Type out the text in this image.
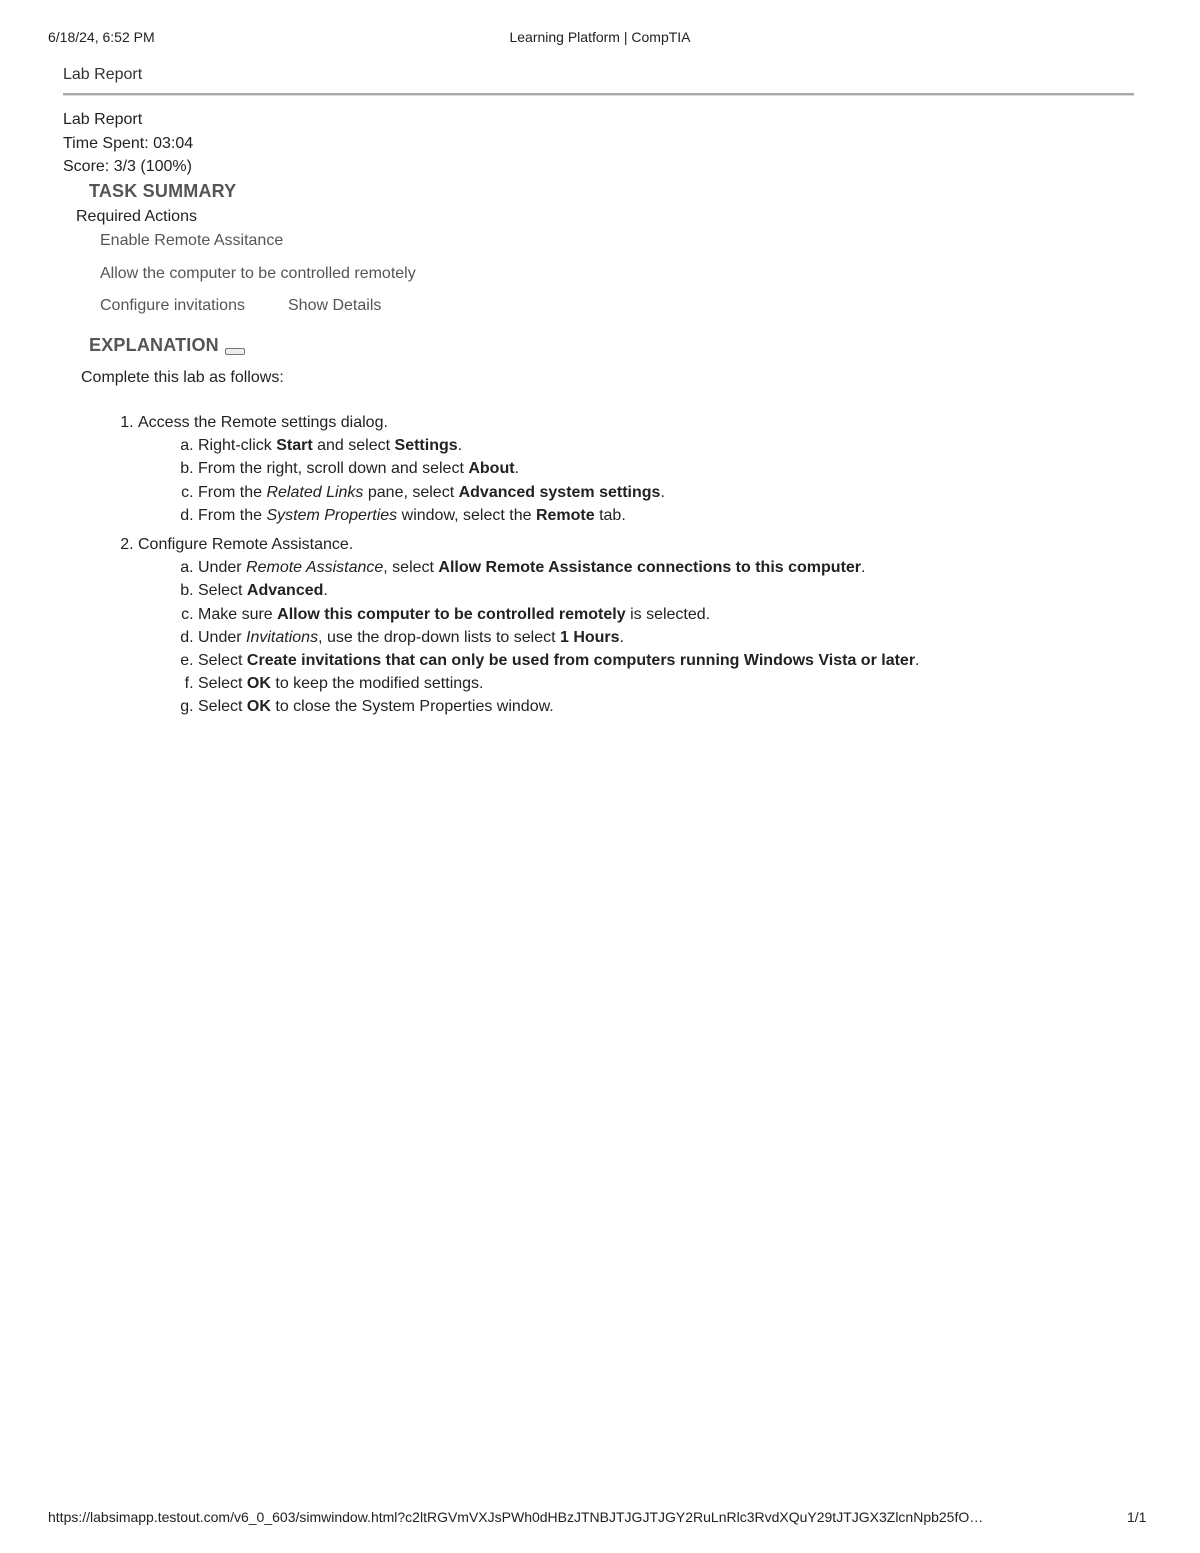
6/18/24, 6:52 PM	Learning Platform | CompTIA
Lab Report
Lab Report
Time Spent: 03:04
Score: 3/3 (100%)
TASK SUMMARY
Required Actions
Enable Remote Assitance
Allow the computer to be controlled remotely
Configure invitations	Show Details
EXPLANATION
Complete this lab as follows:
1. Access the Remote settings dialog.
a. Right-click Start and select Settings.
b. From the right, scroll down and select About.
c. From the Related Links pane, select Advanced system settings.
d. From the System Properties window, select the Remote tab.
2. Configure Remote Assistance.
a. Under Remote Assistance, select Allow Remote Assistance connections to this computer.
b. Select Advanced.
c. Make sure Allow this computer to be controlled remotely is selected.
d. Under Invitations, use the drop-down lists to select 1 Hours.
e. Select Create invitations that can only be used from computers running Windows Vista or later.
f. Select OK to keep the modified settings.
g. Select OK to close the System Properties window.
https://labsimapp.testout.com/v6_0_603/simwindow.html?c2ltRGVmVXJsPWh0dHBzJTNBJTJGJTJGY2RuLnRlc3RvdXQuY29tJTJGX3ZlcnNpb25fO…	1/1
